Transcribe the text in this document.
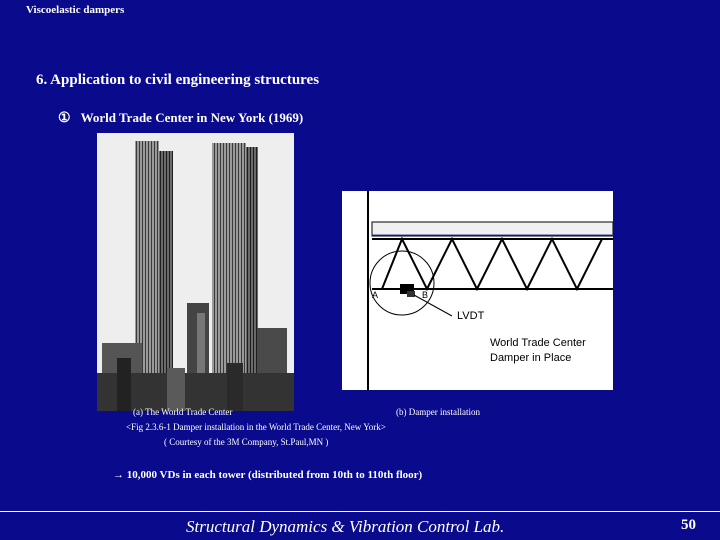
Viscoelastic dampers
6. Application to civil engineering structures
① World Trade Center in New York (1969)
A	B
LVDT
World Trade Center
Damper in Place
(a) The World Trade Center	(b) Damper installation
<Fig 2.3.6-1 Damper installation in the World Trade Center, New York>
( Courtesy of the 3M Company, St.Paul,MN )
→ 10,000 VDs in each tower (distributed from 10th to 110th floor)
Structural Dynamics & Vibration Control Lab.	50
